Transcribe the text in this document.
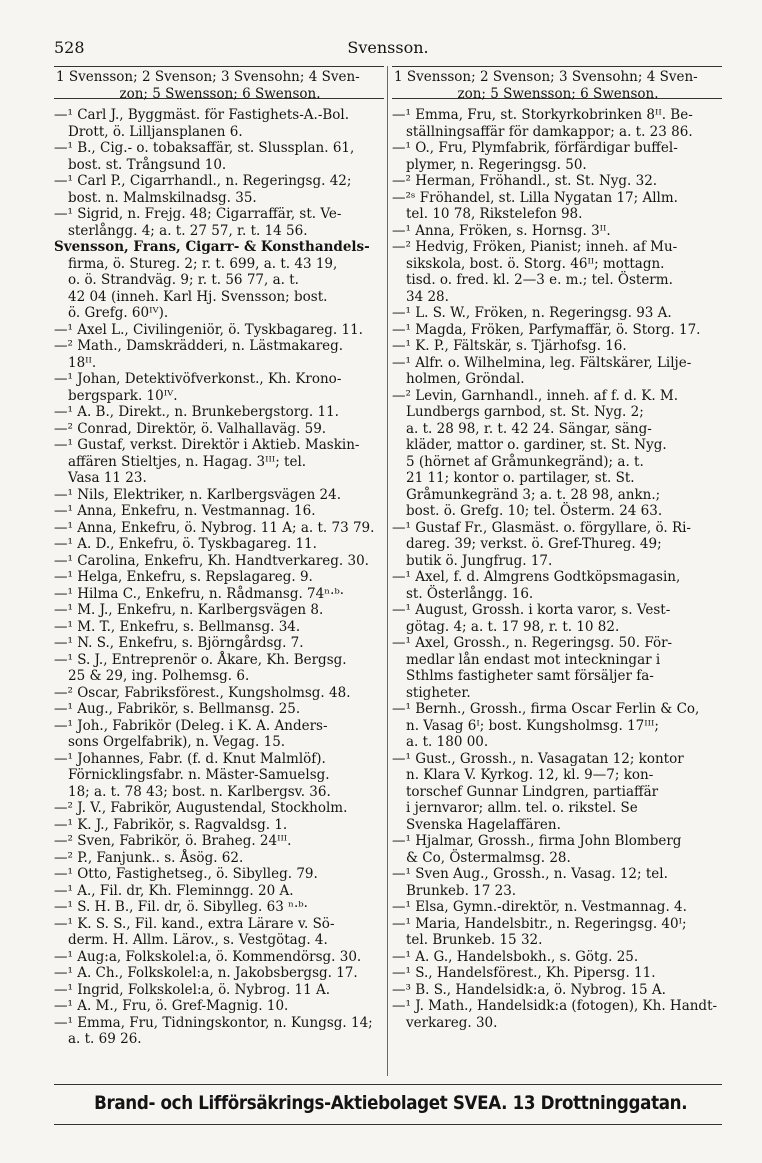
528	Svensson.
1 Svensson; 2 Svenson; 3 Svensohn; 4 Sven-
zon; 5 Swensson; 6 Swenson.
—¹ Carl J., Byggmäst. för Fastighets-A.-Bol.
Drott, ö. Lilljansplanen 6.
—¹ B., Cig.- o. tobaksaffär, st. Slussplan. 61,
bost. st. Trångsund 10.
—¹ Carl P., Cigarrhandl., n. Regeringsg. 42;
bost. n. Malmskilnadsg. 35.
—¹ Sigrid, n. Frejg. 48; Cigarraffär, st. Ve-
sterlångg. 4; a. t. 27 57, r. t. 14 56.
Svensson, Frans, Cigarr- & Konsthandels-
firma, ö. Stureg. 2; r. t. 699, a. t. 43 19,
o. ö. Strandväg. 9; r. t. 56 77, a. t.
42 04 (inneh. Karl Hj. Svensson; bost.
ö. Grefg. 60ᴵⱽ).
—¹ Axel L., Civilingeniör, ö. Tyskbagareg. 11.
—² Math., Damskrädderi, n. Lästmakareg.
18ᴵᴵ.
—¹ Johan, Detektivöfverkonst., Kh. Krono-
bergspark. 10ᴵⱽ.
—¹ A. B., Direkt., n. Brunkebergstorg. 11.
—² Conrad, Direktör, ö. Valhallaväg. 59.
—¹ Gustaf, verkst. Direktör i Aktieb. Maskin-
affären Stieltjes, n. Hagag. 3ᴵᴵᴵ; tel.
Vasa 11 23.
—¹ Nils, Elektriker, n. Karlbergsvägen 24.
—¹ Anna, Enkefru, n. Vestmannag. 16.
—¹ Anna, Enkefru, ö. Nybrog. 11 A; a. t. 73 79.
—¹ A. D., Enkefru, ö. Tyskbagareg. 11.
—¹ Carolina, Enkefru, Kh. Handtverkareg. 30.
—¹ Helga, Enkefru, s. Repslagareg. 9.
—¹ Hilma C., Enkefru, n. Rådmansg. 74ⁿ·ᵇ·
—¹ M. J., Enkefru, n. Karlbergsvägen 8.
—¹ M. T., Enkefru, s. Bellmansg. 34.
—¹ N. S., Enkefru, s. Björngårdsg. 7.
—¹ S. J., Entreprenör o. Åkare, Kh. Bergsg.
25 & 29, ing. Polhemsg. 6.
—² Oscar, Fabriksförest., Kungsholmsg. 48.
—¹ Aug., Fabrikör, s. Bellmansg. 25.
—¹ Joh., Fabrikör (Deleg. i K. A. Anders-
sons Orgelfabrik), n. Vegag. 15.
—¹ Johannes, Fabr. (f. d. Knut Malmlöf).
Förnicklingsfabr. n. Mäster-Samuelsg.
18; a. t. 78 43; bost. n. Karlbergsv. 36.
—² J. V., Fabrikör, Augustendal, Stockholm.
—¹ K. J., Fabrikör, s. Ragvaldsg. 1.
—² Sven, Fabrikör, ö. Braheg. 24ᴵᴵᴵ.
—² P., Fanjunk.. s. Åsög. 62.
—¹ Otto, Fastighetseg., ö. Sibylleg. 79.
—¹ A., Fil. dr, Kh. Fleminngg. 20 A.
—¹ S. H. B., Fil. dr, ö. Sibylleg. 63 ⁿ·ᵇ·
—¹ K. S. S., Fil. kand., extra Lärare v. Sö-
derm. H. Allm. Lärov., s. Vestgötag. 4.
—¹ Aug:a, Folkskolel:a, ö. Kommendörsg. 30.
—¹ A. Ch., Folkskolel:a, n. Jakobsbergsg. 17.
—¹ Ingrid, Folkskolel:a, ö. Nybrog. 11 A.
—¹ A. M., Fru, ö. Gref-Magnig. 10.
—¹ Emma, Fru, Tidningskontor, n. Kungsg. 14;
a. t. 69 26.
1 Svensson; 2 Svenson; 3 Svensohn; 4 Sven-
zon; 5 Swensson; 6 Swenson.
—¹ Emma, Fru, st. Storkyrkobrinken 8ᴵᴵ. Be-
ställningsaffär för damkappor; a. t. 23 86.
—¹ O., Fru, Plymfabrik, förfärdigar buffel-
plymer, n. Regeringsg. 50.
—² Herman, Fröhandl., st. St. Nyg. 32.
—²ˢ Fröhandel, st. Lilla Nygatan 17; Allm.
tel. 10 78, Rikstelefon 98.
—¹ Anna, Fröken, s. Hornsg. 3ᴵᴵ.
—² Hedvig, Fröken, Pianist; inneh. af Mu-
sikskola, bost. ö. Storg. 46ᴵᴵ; mottagn.
tisd. o. fred. kl. 2—3 e. m.; tel. Österm.
34 28.
—¹ L. S. W., Fröken, n. Regeringsg. 93 A.
—¹ Magda, Fröken, Parfymaffär, ö. Storg. 17.
—¹ K. P., Fältskär, s. Tjärhofsg. 16.
—¹ Alfr. o. Wilhelmina, leg. Fältskärer, Lilje-
holmen, Gröndal.
—² Levin, Garnhandl., inneh. af f. d. K. M.
Lundbergs garnbod, st. St. Nyg. 2;
a. t. 28 98, r. t. 42 24. Sängar, säng-
kläder, mattor o. gardiner, st. St. Nyg.
5 (hörnet af Gråmunkegränd); a. t.
21 11; kontor o. partilager, st. St.
Gråmunkegränd 3; a. t. 28 98, ankn.;
bost. ö. Grefg. 10; tel. Österm. 24 63.
—¹ Gustaf Fr., Glasmäst. o. förgyllare, ö. Ri-
dareg. 39; verkst. ö. Gref-Thureg. 49;
butik ö. Jungfrug. 17.
—¹ Axel, f. d. Almgrens Godtköpsmagasin,
st. Österlångg. 16.
—¹ August, Grossh. i korta varor, s. Vest-
götag. 4; a. t. 17 98, r. t. 10 82.
—¹ Axel, Grossh., n. Regeringsg. 50. För-
medlar lån endast mot inteckningar i
Sthlms fastigheter samt försäljer fa-
stigheter.
—¹ Bernh., Grossh., firma Oscar Ferlin & Co,
n. Vasag 6ᴵ; bost. Kungsholmsg. 17ᴵᴵᴵ;
a. t. 180 00.
—¹ Gust., Grossh., n. Vasagatan 12; kontor
n. Klara V. Kyrkog. 12, kl. 9—7; kon-
torschef Gunnar Lindgren, partiaffär
i jernvaror; allm. tel. o. rikstel. Se
Svenska Hagelaffären.
—¹ Hjalmar, Grossh., firma John Blomberg
& Co, Östermalmsg. 28.
—¹ Sven Aug., Grossh., n. Vasag. 12; tel.
Brunkeb. 17 23.
—¹ Elsa, Gymn.-direktör, n. Vestmannag. 4.
—¹ Maria, Handelsbitr., n. Regeringsg. 40ᴵ;
tel. Brunkeb. 15 32.
—¹ A. G., Handelsbokh., s. Götg. 25.
—¹ S., Handelsförest., Kh. Pipersg. 11.
—³ B. S., Handelsidk:a, ö. Nybrog. 15 A.
—¹ J. Math., Handelsidk:a (fotogen), Kh. Handt-
verkareg. 30.
Brand- och Lifförsäkrings-Aktiebolaget SVEA. 13 Drottninggatan.
